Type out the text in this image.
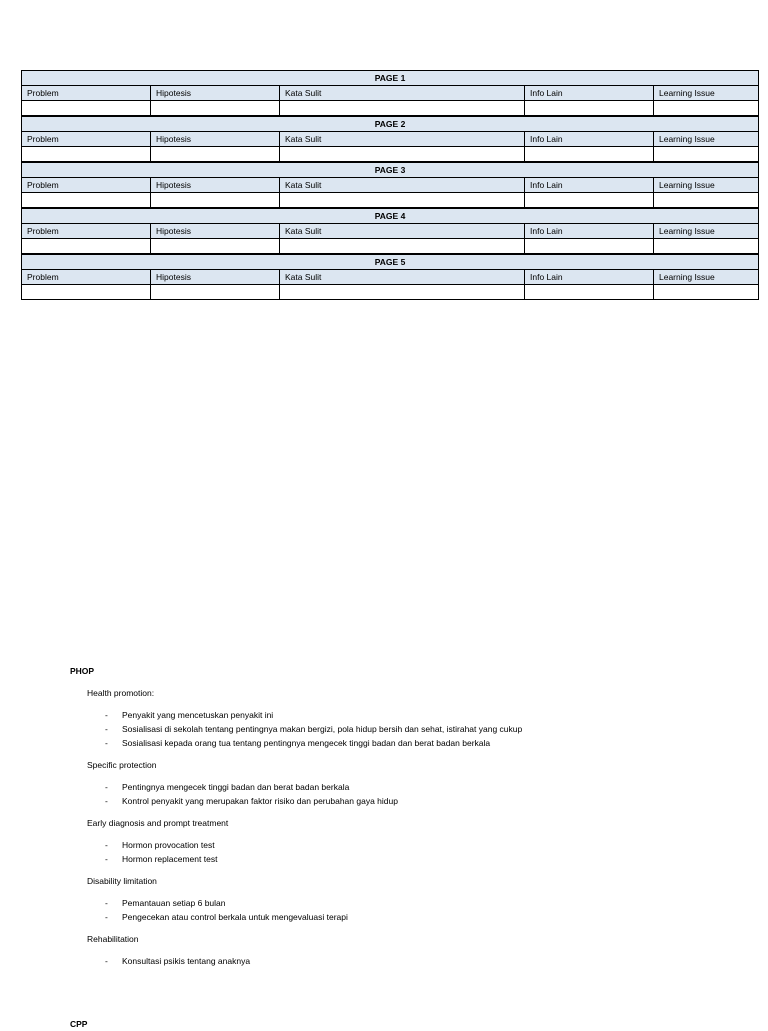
PAGE 1				
Problem	Hipotesis	Kata Sulit	Info Lain	Learning Issue

PAGE 2				
Problem	Hipotesis	Kata Sulit	Info Lain	Learning Issue

PAGE 3				
Problem	Hipotesis	Kata Sulit	Info Lain	Learning Issue

PAGE 4				
Problem	Hipotesis	Kata Sulit	Info Lain	Learning Issue

PAGE 5				
Problem	Hipotesis	Kata Sulit	Info Lain	Learning Issue

PHOP
Health promotion:
- Penyakit yang mencetuskan penyakit ini
- Sosialisasi di sekolah tentang pentingnya makan bergizi, pola hidup bersih dan sehat, istirahat yang cukup
- Sosialisasi kepada orang tua tentang pentingnya mengecek tinggi badan dan berat badan berkala
Specific protection
- Pentingnya mengecek tinggi badan dan berat badan berkala
- Kontrol penyakit yang merupakan faktor risiko dan perubahan gaya hidup
Early diagnosis and prompt treatment
- Hormon provocation test
- Hormon replacement test
Disability limitation
- Pemantauan setiap 6 bulan
- Pengecekan atau control berkala untuk mengevaluasi terapi
Rehabilitation
- Konsultasi psikis tentang anaknya
CPP
